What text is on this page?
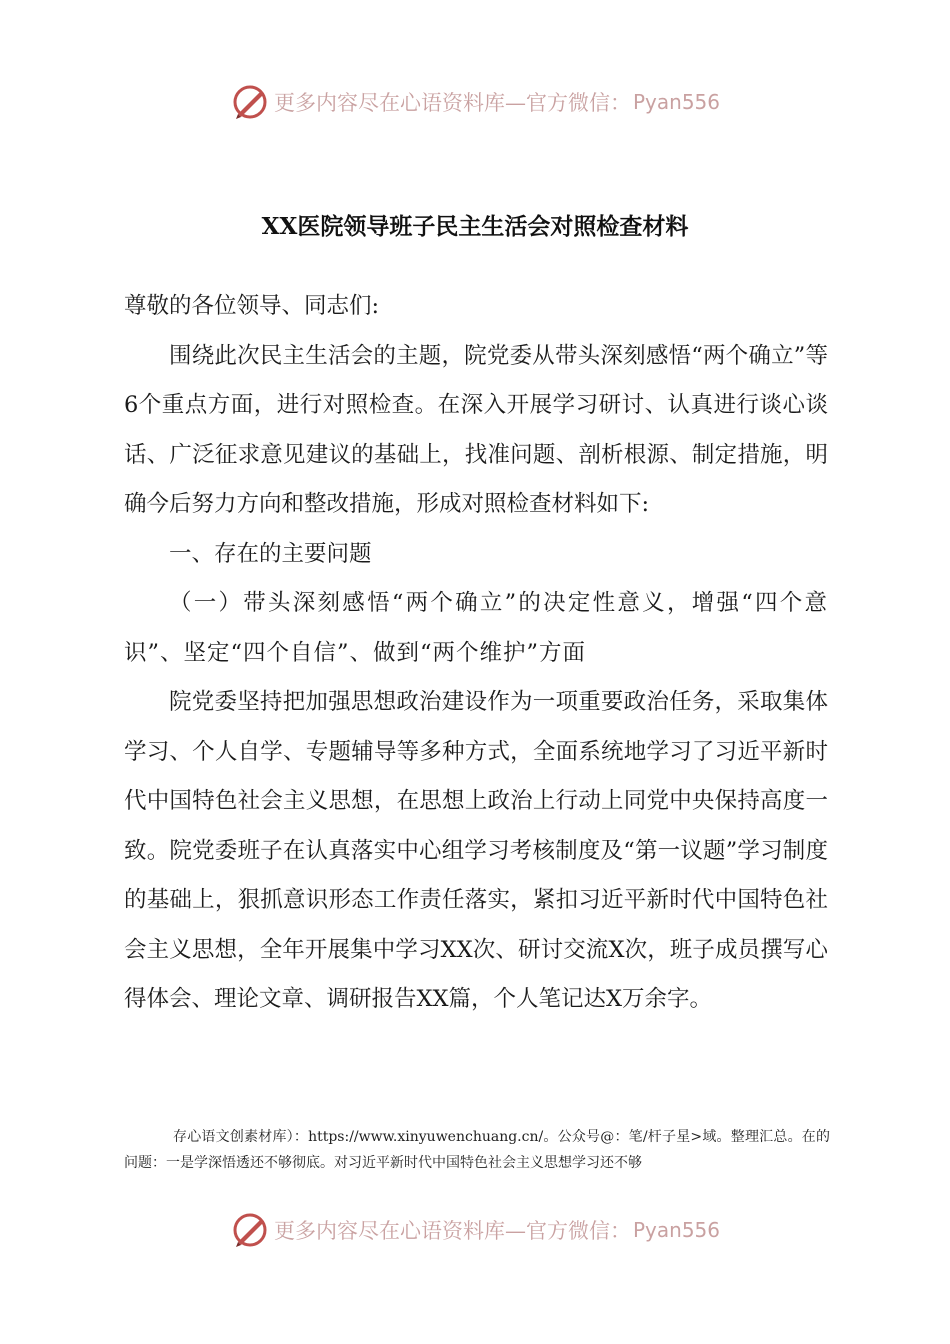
更多内容尽在心语资料库—官方微信： Pyan556
XX医院领导班子民主生活会对照检查材料

尊敬的各位领导、同志们:

围绕此次民主生活会的主题，院党委从带头深刻感悟“两个确立”等6个重点方面，进行对照检查。在深入开展学习研讨、认真进行谈心谈话、广泛征求意见建议的基础上，找准问题、剖析根源、制定措施，明确今后努力方向和整改措施，形成对照检查材料如下:

一、存在的主要问题

（一）带头深刻感悟“两个确立”的决定性意义，增强“四个意识”、坚定“四个自信”、做到“两个维护”方面

院党委坚持把加强思想政治建设作为一项重要政治任务，采取集体学习、个人自学、专题辅导等多种方式，全面系统地学习了习近平新时代中国特色社会主义思想，在思想上政治上行动上同党中央保持高度一致。院党委班子在认真落实中心组学习考核制度及“第一议题”学习制度的基础上，狠抓意识形态工作责任落实，紧扣习近平新时代中国特色社会主义思想，全年开展集中学习XX次、研讨交流X次，班子成员撰写心得体会、理论文章、调研报告XX篇，个人笔记达X万余字。

存心语文创素材库）：https://www.xinyuwenchuang.cn/。公众号@：笔/杆子星>域。整理汇总。在的问题：一是学深悟透还不够彻底。对习近平新时代中国特色社会主义思想学习还不够

更多内容尽在心语资料库—官方微信： Pyan556
